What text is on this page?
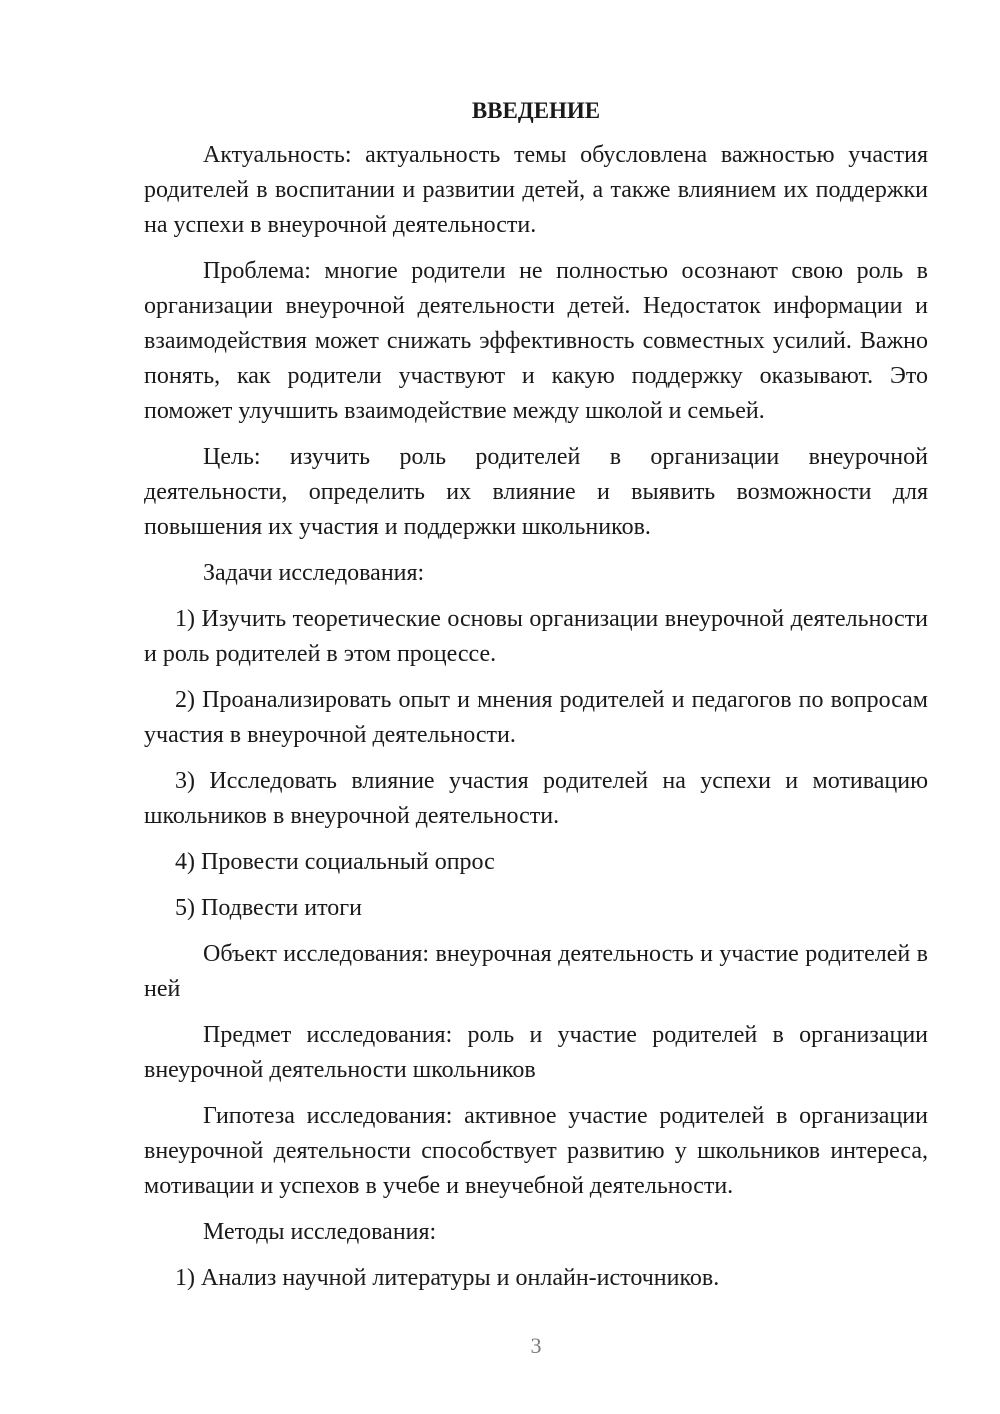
ВВЕДЕНИЕ

Актуальность: актуальность темы обусловлена важностью участия родителей в воспитании и развитии детей, а также влиянием их поддержки на успехи в внеурочной деятельности.

Проблема: многие родители не полностью осознают свою роль в организации внеурочной деятельности детей. Недостаток информации и взаимодействия может снижать эффективность совместных усилий. Важно понять, как родители участвуют и какую поддержку оказывают. Это поможет улучшить взаимодействие между школой и семьей.

Цель: изучить роль родителей в организации внеурочной деятельности, определить их влияние и выявить возможности для повышения их участия и поддержки школьников.

Задачи исследования:

1) Изучить теоретические основы организации внеурочной деятельности и роль родителей в этом процессе.

2) Проанализировать опыт и мнения родителей и педагогов по вопросам участия в внеурочной деятельности.

3) Исследовать влияние участия родителей на успехи и мотивацию школьников в внеурочной деятельности.

4) Провести социальный опрос

5) Подвести итоги

Объект исследования: внеурочная деятельность и участие родителей в ней

Предмет исследования: роль и участие родителей в организации внеурочной деятельности школьников

Гипотеза исследования: активное участие родителей в организации внеурочной деятельности способствует развитию у школьников интереса, мотивации и успехов в учебе и внеучебной деятельности.

Методы исследования:

1) Анализ научной литературы и онлайн-источников.

3
